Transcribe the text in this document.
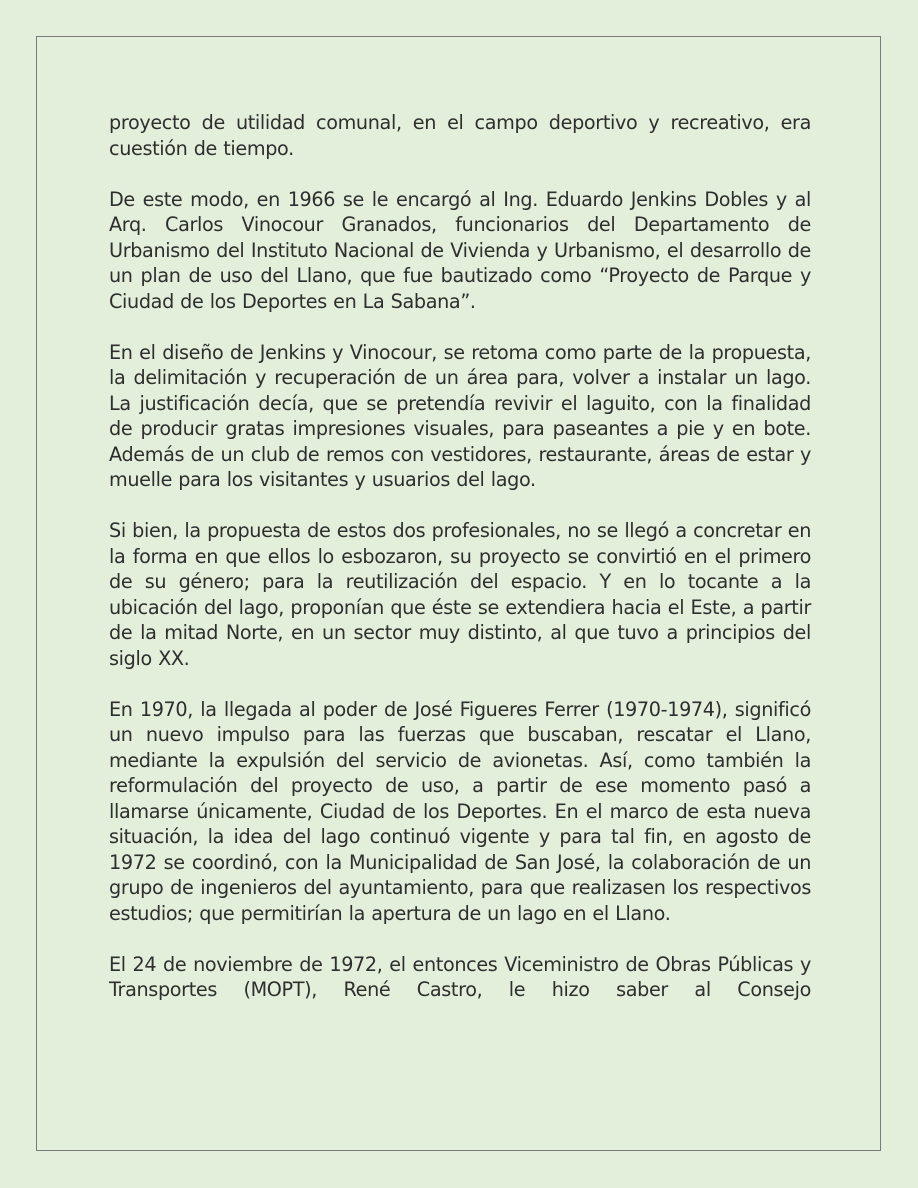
proyecto de utilidad comunal, en el campo deportivo y recreativo, era cuestión de tiempo.

De este modo, en 1966 se le encargó al Ing. Eduardo Jenkins Dobles y al Arq. Carlos Vinocour Granados, funcionarios del Departamento de Urbanismo del Instituto Nacional de Vivienda y Urbanismo, el desarrollo de un plan de uso del Llano, que fue bautizado como “Proyecto de Parque y Ciudad de los Deportes en La Sabana”.

En el diseño de Jenkins y Vinocour, se retoma como parte de la propuesta, la delimitación y recuperación de un área para, volver a instalar un lago. La justificación decía, que se pretendía revivir el laguito, con la finalidad de producir gratas impresiones visuales, para paseantes a pie y en bote. Además de un club de remos con vestidores, restaurante, áreas de estar y muelle para los visitantes y usuarios del lago.

Si bien, la propuesta de estos dos profesionales, no se llegó a concretar en la forma en que ellos lo esbozaron, su proyecto se convirtió en el primero de su género; para la reutilización del espacio. Y en lo tocante a la ubicación del lago, proponían que éste se extendiera hacia el Este, a partir de la mitad Norte, en un sector muy distinto, al que tuvo a principios del siglo XX.

En 1970, la llegada al poder de José Figueres Ferrer (1970-1974), significó un nuevo impulso para las fuerzas que buscaban, rescatar el Llano, mediante la expulsión del servicio de avionetas. Así, como también la reformulación del proyecto de uso, a partir de ese momento pasó a llamarse únicamente, Ciudad de los Deportes. En el marco de esta nueva situación, la idea del lago continuó vigente y para tal fin, en agosto de 1972 se coordinó, con la Municipalidad de San José, la colaboración de un grupo de ingenieros del ayuntamiento, para que realizasen los respectivos estudios; que permitirían la apertura de un lago en el Llano.

El 24 de noviembre de 1972, el entonces Viceministro de Obras Públicas y Transportes (MOPT), René Castro, le hizo saber al Consejo
